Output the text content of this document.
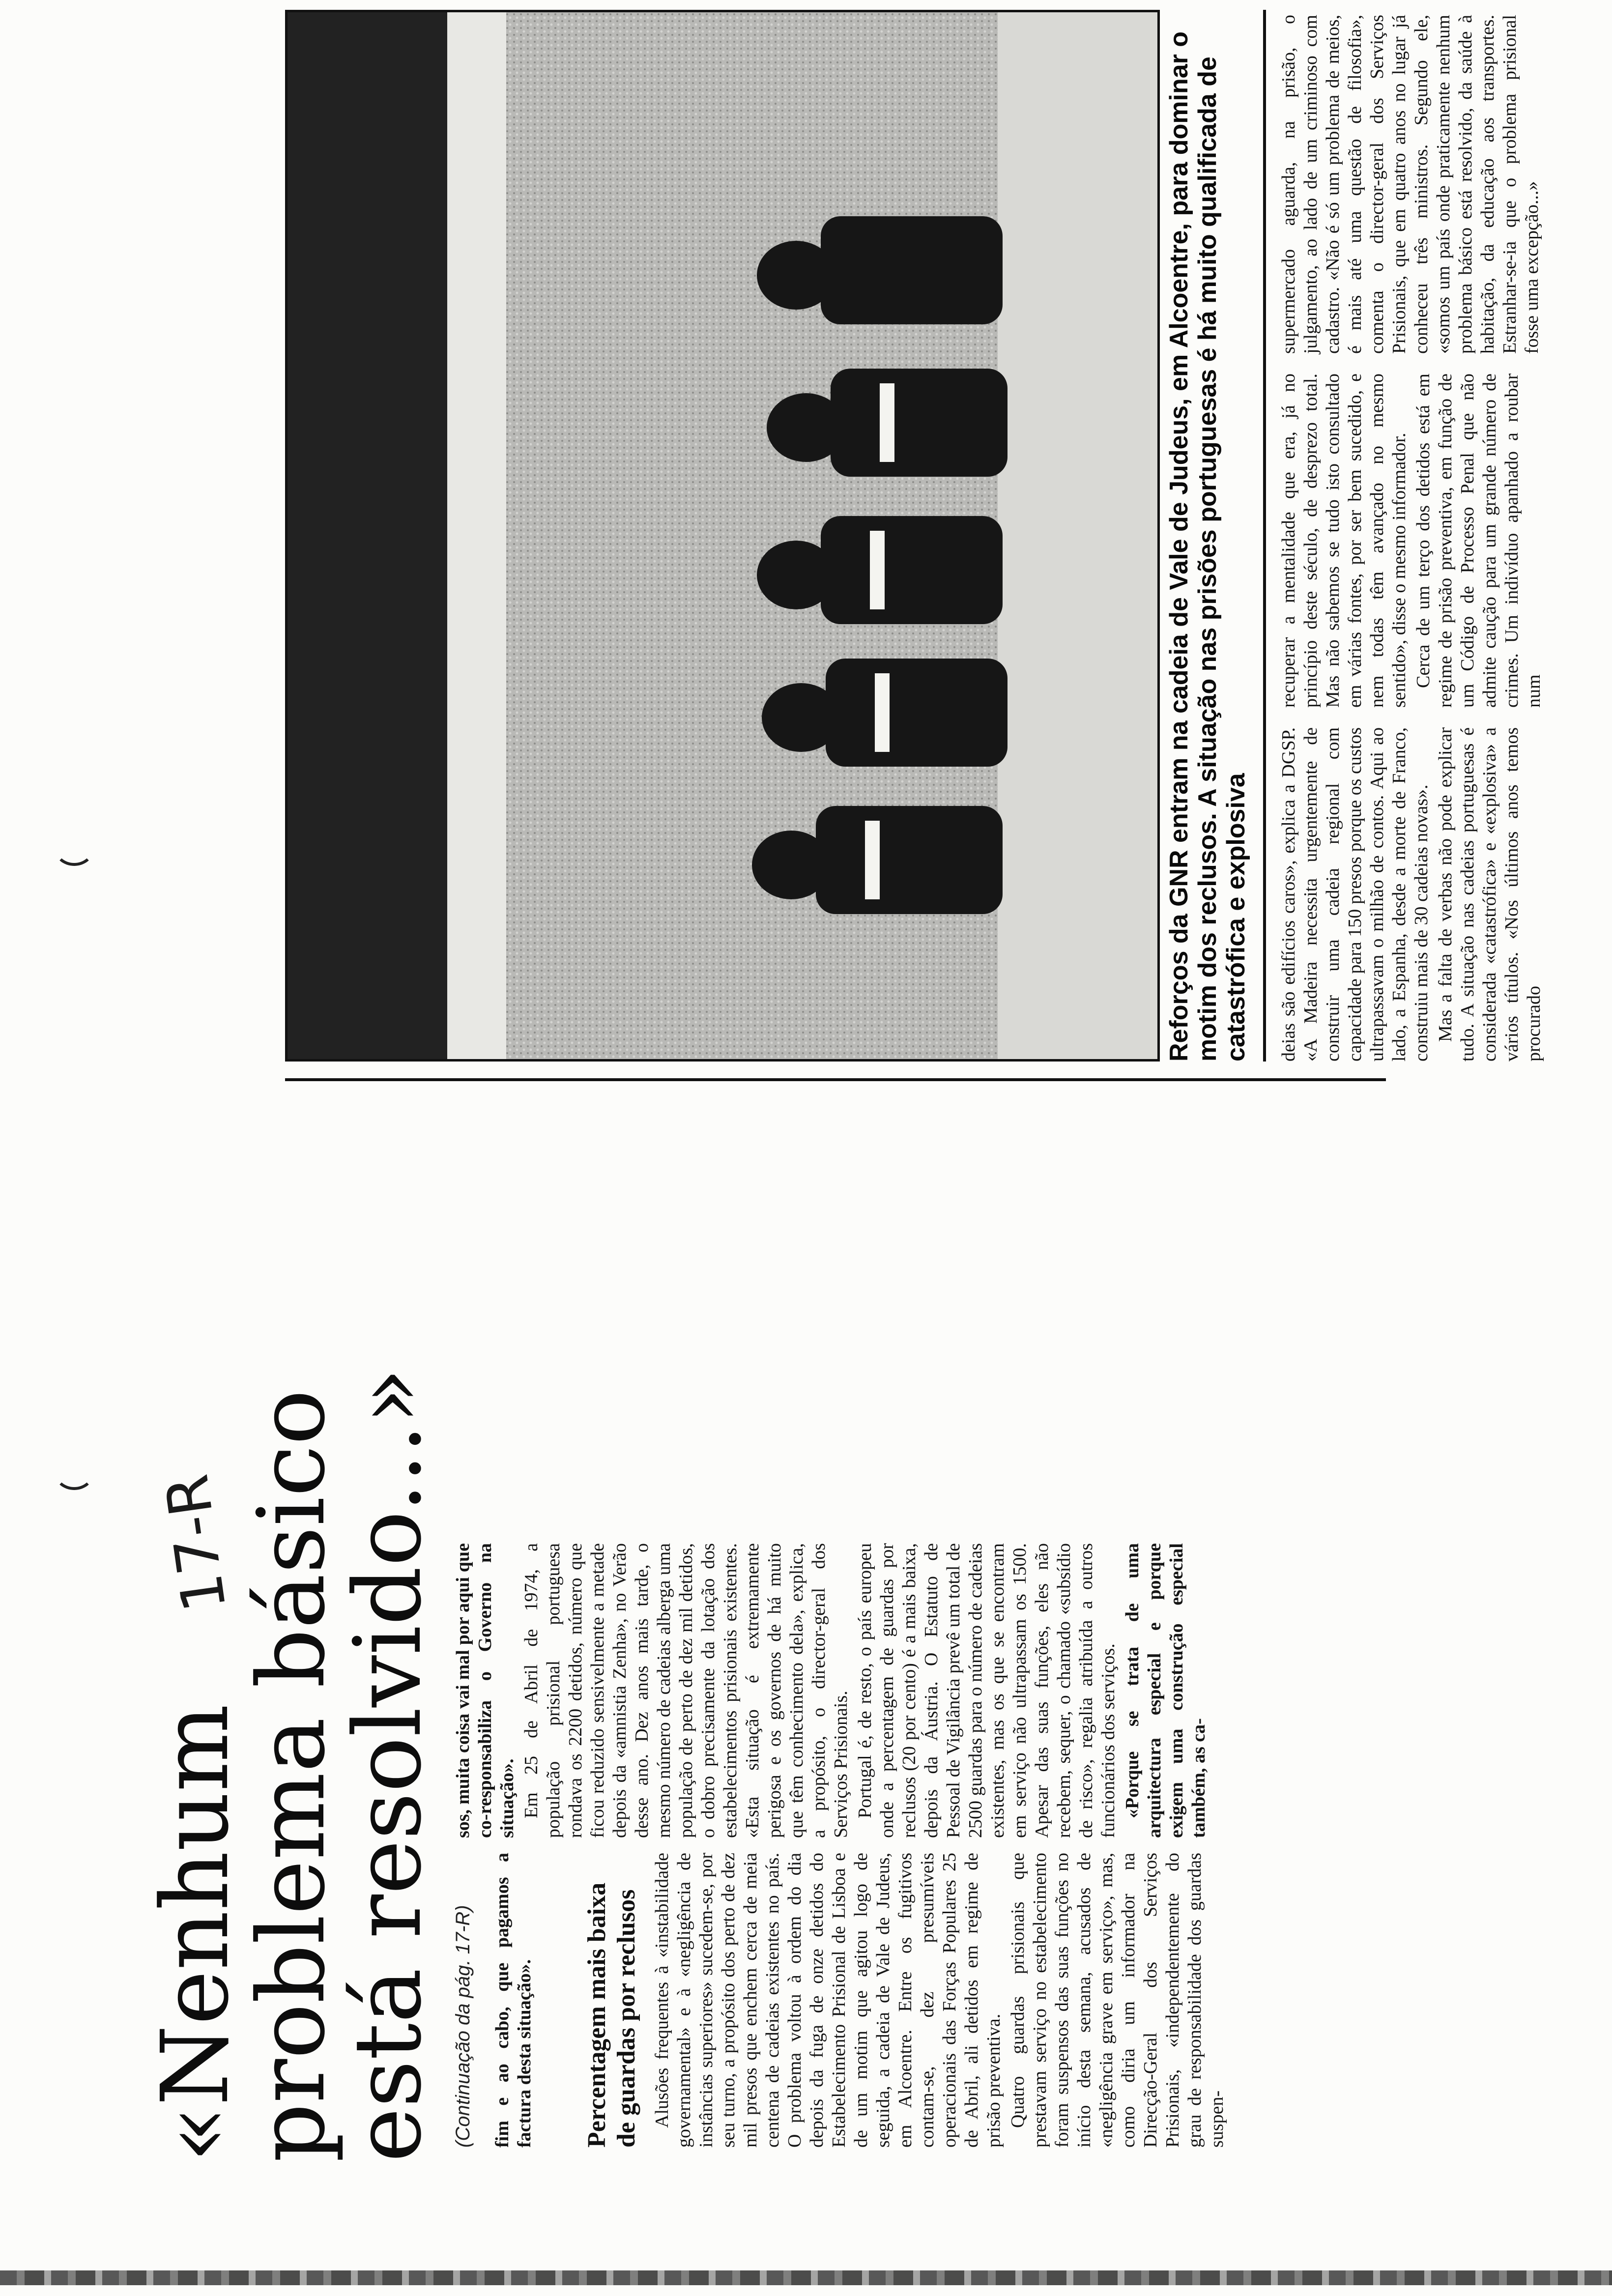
«Nenhum
problema básico
está resolvido...»
17-R
(Continuação da pág. 17-R) fim e ao cabo, que pagamos a factura desta situação». Percentagem mais baixa de guardas por reclusos Alusões frequentes à «instabilidade governamental» e à «negligência de instâncias superiores» sucedem-se, por seu turno, a propósito dos perto de dez mil presos que enchem cerca de meia centena de cadeias existentes no país. O problema voltou à ordem do dia depois da fuga de onze detidos do Estabelecimento Prisional de Lisboa e de um motim que agitou logo de seguida, a cadeia de Vale de Judeus, em Alcoentre. Entre os fugitivos contam-se, dez presumíveis operacionais das Forças Populares 25 de Abril, ali detidos em regime de prisão preventiva. Quatro guardas prisionais que prestavam serviço no estabelecimento foram suspensos das suas funções no início desta semana, acusados de «negligência grave em serviço», mas, como diria um informador na Direcção-Geral dos Serviços Prisionais, «independentemente do grau de responsabilidade dos guardas suspen-

sos, muita coisa vai mal por aqui que co-responsabiliza o Governo na situação». Em 25 de Abril de 1974, a população prisional portuguesa rondava os 2200 detidos, número que ficou reduzido sensivelmente a metade depois da «amnistia Zenha», no Verão desse ano. Dez anos mais tarde, o mesmo número de cadeias alberga uma população de perto de dez mil detidos, o dobro precisamente da lotação dos estabelecimentos prisionais existentes. «Esta situação é extremamente perigosa e os governos de há muito que têm conhecimento dela», explica, a propósito, o director-geral dos Serviços Prisionais. Portugal é, de resto, o país europeu onde a percentagem de guardas por reclusos (20 por cento) é a mais baixa, depois da Áustria. O Estatuto de Pessoal de Vigilância prevê um total de 2500 guardas para o número de cadeias existentes, mas os que se encontram em serviço não ultrapassam os 1500. Apesar das suas funções, eles não recebem, sequer, o chamado «subsídio de risco», regalia atribuída a outros funcionários dos serviços. «Porque se trata de uma arquitectura especial e porque exigem uma construção especial também, as ca-

Reforços da GNR entram na cadeia de Vale de Judeus, em Alcoentre, para dominar o motim dos reclusos. A situação nas prisões portuguesas é há muito qualificada de catastrófica e explosiva deias são edifícios caros», explica a DGSP. «A Madeira necessita urgentemente de construir uma cadeia regional com capacidade para 150 presos porque os custos ultrapassavam o milhão de contos. Aqui ao lado, a Espanha, desde a morte de Franco, construiu mais de 30 cadeias novas». Mas a falta de verbas não pode explicar tudo. A situação nas cadeias portuguesas é considerada «catastrófica» e «explosiva» a vários títulos. «Nos últimos anos temos procurado

recuperar a mentalidade que era, já no princípio deste século, de desprezo total. Mas não sabemos se tudo isto consultado em várias fontes, por ser bem sucedido, e nem todas têm avançado no mesmo sentido», disse o mesmo informador. Cerca de um terço dos detidos está em regime de prisão preventiva, em função de um Código de Processo Penal que não admite caução para um grande número de crimes. Um indivíduo apanhado a roubar num

supermercado aguarda, na prisão, o julgamento, ao lado de um criminoso com cadastro. «Não é só um problema de meios, é mais até uma questão de filosofia», comenta o director-geral dos Serviços Prisionais, que em quatro anos no lugar já conheceu três ministros. Segundo ele, «somos um país onde praticamente nenhum problema básico está resolvido, da saúde à habitação, da educação aos transportes. Estranhar-se-ia que o problema prisional fosse uma excepção...»
